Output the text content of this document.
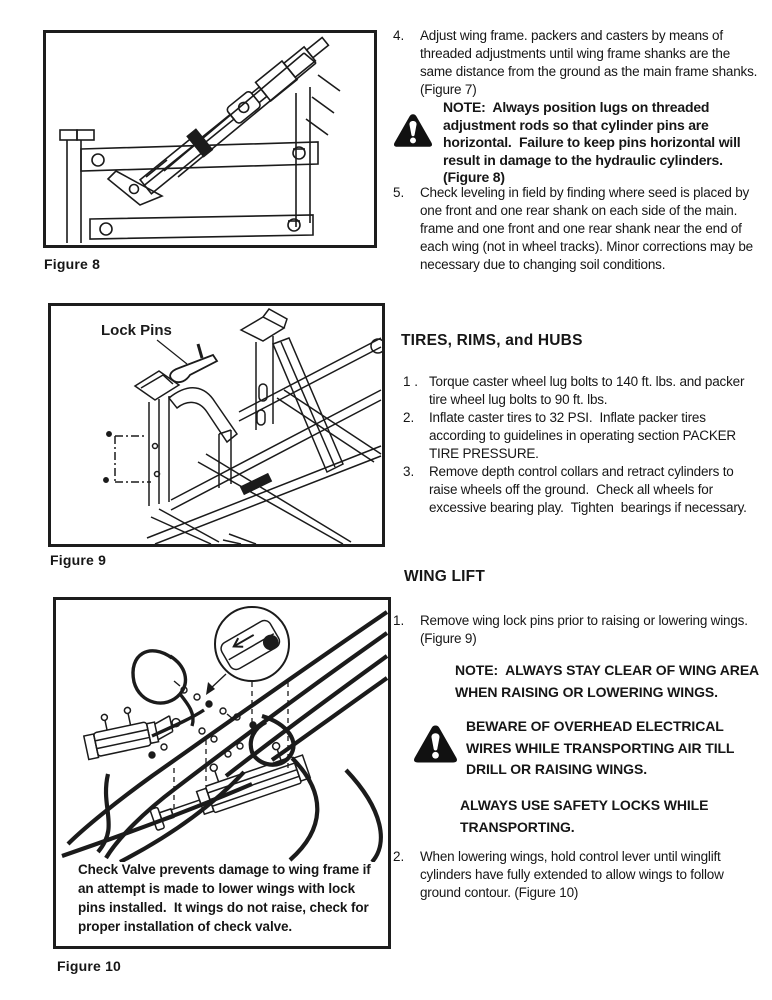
Figure 8
Lock Pins
Figure 9
Check Valve prevents damage to wing frame if an attempt is made to lower wings with lock pins installed.  It wings do not raise, check for proper installation of check valve.
Figure 10
4.	Adjust wing frame. packers and casters by means of threaded adjustments until wing frame shanks are the same distance from the ground as the main frame shanks. (Figure 7)
NOTE:  Always position lugs on threaded adjustment rods so that cylinder pins are horizontal.  Failure to keep pins horizontal will result in damage to the hydraulic cylinders. (Figure 8)
5.	Check leveling in field by finding where seed is placed by one front and one rear shank on each side of the main. frame and one front and one rear shank near the end of each wing (not in wheel tracks). Minor corrections may be necessary due to changing soil conditions.
TIRES, RIMS, and HUBS
1 . Torque caster wheel lug bolts to 140 ft. lbs. and packer tire wheel lug bolts to 90 ft. lbs.
2.	Inflate caster tires to 32 PSI.  Inflate packer tires according to guidelines in operating section PACKER TIRE PRESSURE.
3.	Remove depth control collars and retract cylinders to raise wheels off the ground.  Check all wheels for excessive bearing play.  Tighten  bearings if necessary.
WING LIFT
1.	Remove wing lock pins prior to raising or lowering wings. (Figure 9)
NOTE:  ALWAYS STAY CLEAR OF WING AREA WHEN RAISING OR LOWERING WINGS.
BEWARE OF OVERHEAD ELECTRICAL WIRES WHILE TRANSPORTING AIR TILL DRILL OR RAISING WINGS.
ALWAYS USE SAFETY LOCKS WHILE TRANSPORTING.
2.	When lowering wings, hold control lever until winglift cylinders have fully extended to allow wings to follow ground contour. (Figure 10)
